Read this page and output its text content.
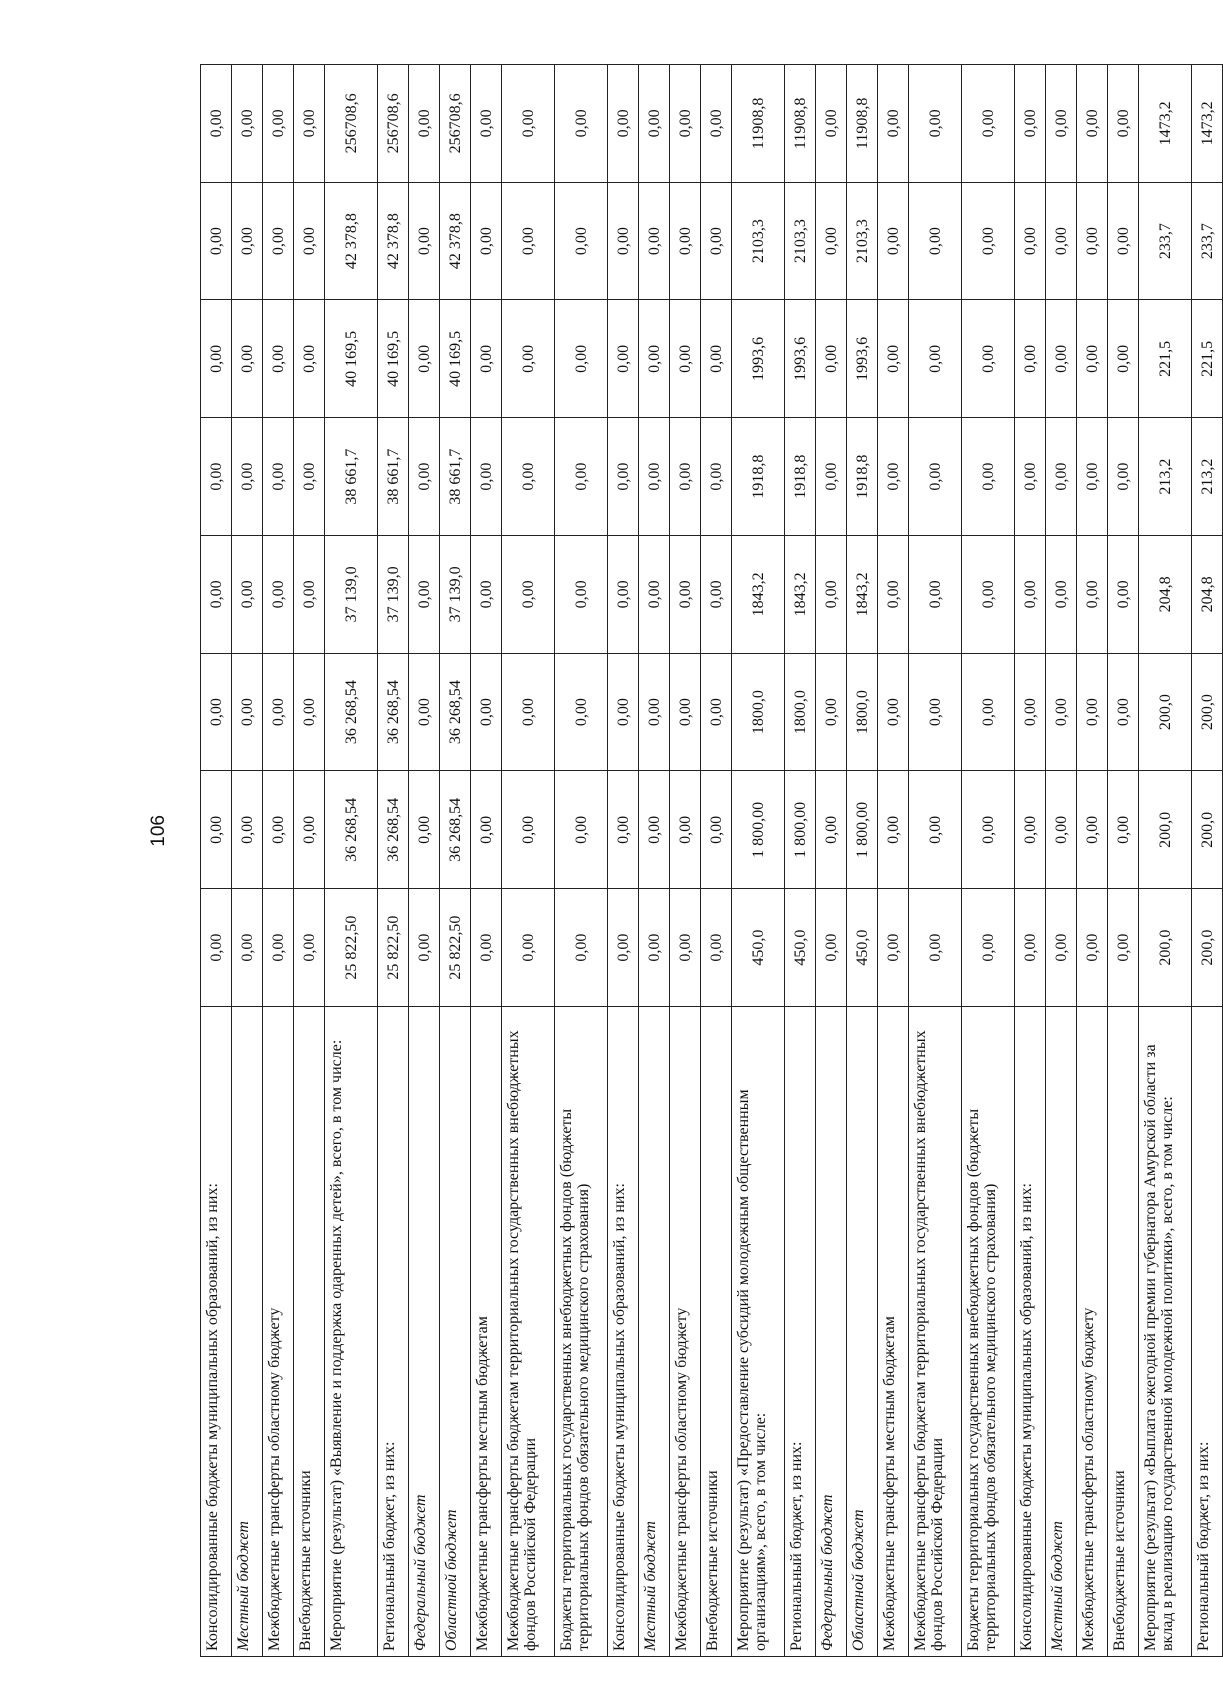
106
Консолидированные бюджеты муниципальных образований, из них:	0,00	0,00	0,00	0,00	0,00	0,00	0,00	0,00
Местный бюджет	0,00	0,00	0,00	0,00	0,00	0,00	0,00	0,00
Межбюджетные трансферты областному бюджету	0,00	0,00	0,00	0,00	0,00	0,00	0,00	0,00
Внебюджетные источники	0,00	0,00	0,00	0,00	0,00	0,00	0,00	0,00
Мероприятие (результат) «Выявление и поддержка одаренных детей», всего, в том числе:	25 822,50	36 268,54	36 268,54	37 139,0	38 661,7	40 169,5	42 378,8	256708,6
Региональный бюджет, из них:	25 822,50	36 268,54	36 268,54	37 139,0	38 661,7	40 169,5	42 378,8	256708,6
Федеральный бюджет	0,00	0,00	0,00	0,00	0,00	0,00	0,00	0,00
Областной бюджет	25 822,50	36 268,54	36 268,54	37 139,0	38 661,7	40 169,5	42 378,8	256708,6
Межбюджетные трансферты местным бюджетам	0,00	0,00	0,00	0,00	0,00	0,00	0,00	0,00
Межбюджетные трансферты бюджетам территориальных государственных внебюджетных фондов Российской Федерации	0,00	0,00	0,00	0,00	0,00	0,00	0,00	0,00
Бюджеты территориальных государственных внебюджетных фондов (бюджеты территориальных фондов обязательного медицинского страхования)	0,00	0,00	0,00	0,00	0,00	0,00	0,00	0,00
Консолидированные бюджеты муниципальных образований, из них:	0,00	0,00	0,00	0,00	0,00	0,00	0,00	0,00
Местный бюджет	0,00	0,00	0,00	0,00	0,00	0,00	0,00	0,00
Межбюджетные трансферты областному бюджету	0,00	0,00	0,00	0,00	0,00	0,00	0,00	0,00
Внебюджетные источники	0,00	0,00	0,00	0,00	0,00	0,00	0,00	0,00
Мероприятие (результат) «Предоставление субсидий молодежным общественным организациям», всего, в том числе:	450,0	1 800,00	1800,0	1843,2	1918,8	1993,6	2103,3	11908,8
Региональный бюджет, из них:	450,0	1 800,00	1800,0	1843,2	1918,8	1993,6	2103,3	11908,8
Федеральный бюджет	0,00	0,00	0,00	0,00	0,00	0,00	0,00	0,00
Областной бюджет	450,0	1 800,00	1800,0	1843,2	1918,8	1993,6	2103,3	11908,8
Межбюджетные трансферты местным бюджетам	0,00	0,00	0,00	0,00	0,00	0,00	0,00	0,00
Межбюджетные трансферты бюджетам территориальных государственных внебюджетных фондов Российской Федерации	0,00	0,00	0,00	0,00	0,00	0,00	0,00	0,00
Бюджеты территориальных государственных внебюджетных фондов (бюджеты территориальных фондов обязательного медицинского страхования)	0,00	0,00	0,00	0,00	0,00	0,00	0,00	0,00
Консолидированные бюджеты муниципальных образований, из них:	0,00	0,00	0,00	0,00	0,00	0,00	0,00	0,00
Местный бюджет	0,00	0,00	0,00	0,00	0,00	0,00	0,00	0,00
Межбюджетные трансферты областному бюджету	0,00	0,00	0,00	0,00	0,00	0,00	0,00	0,00
Внебюджетные источники	0,00	0,00	0,00	0,00	0,00	0,00	0,00	0,00
Мероприятие (результат) «Выплата ежегодной премии губернатора Амурской области за вклад в реализацию государственной молодежной политики», всего, в том числе:	200,0	200,0	200,0	204,8	213,2	221,5	233,7	1473,2
Региональный бюджет, из них:	200,0	200,0	200,0	204,8	213,2	221,5	233,7	1473,2
